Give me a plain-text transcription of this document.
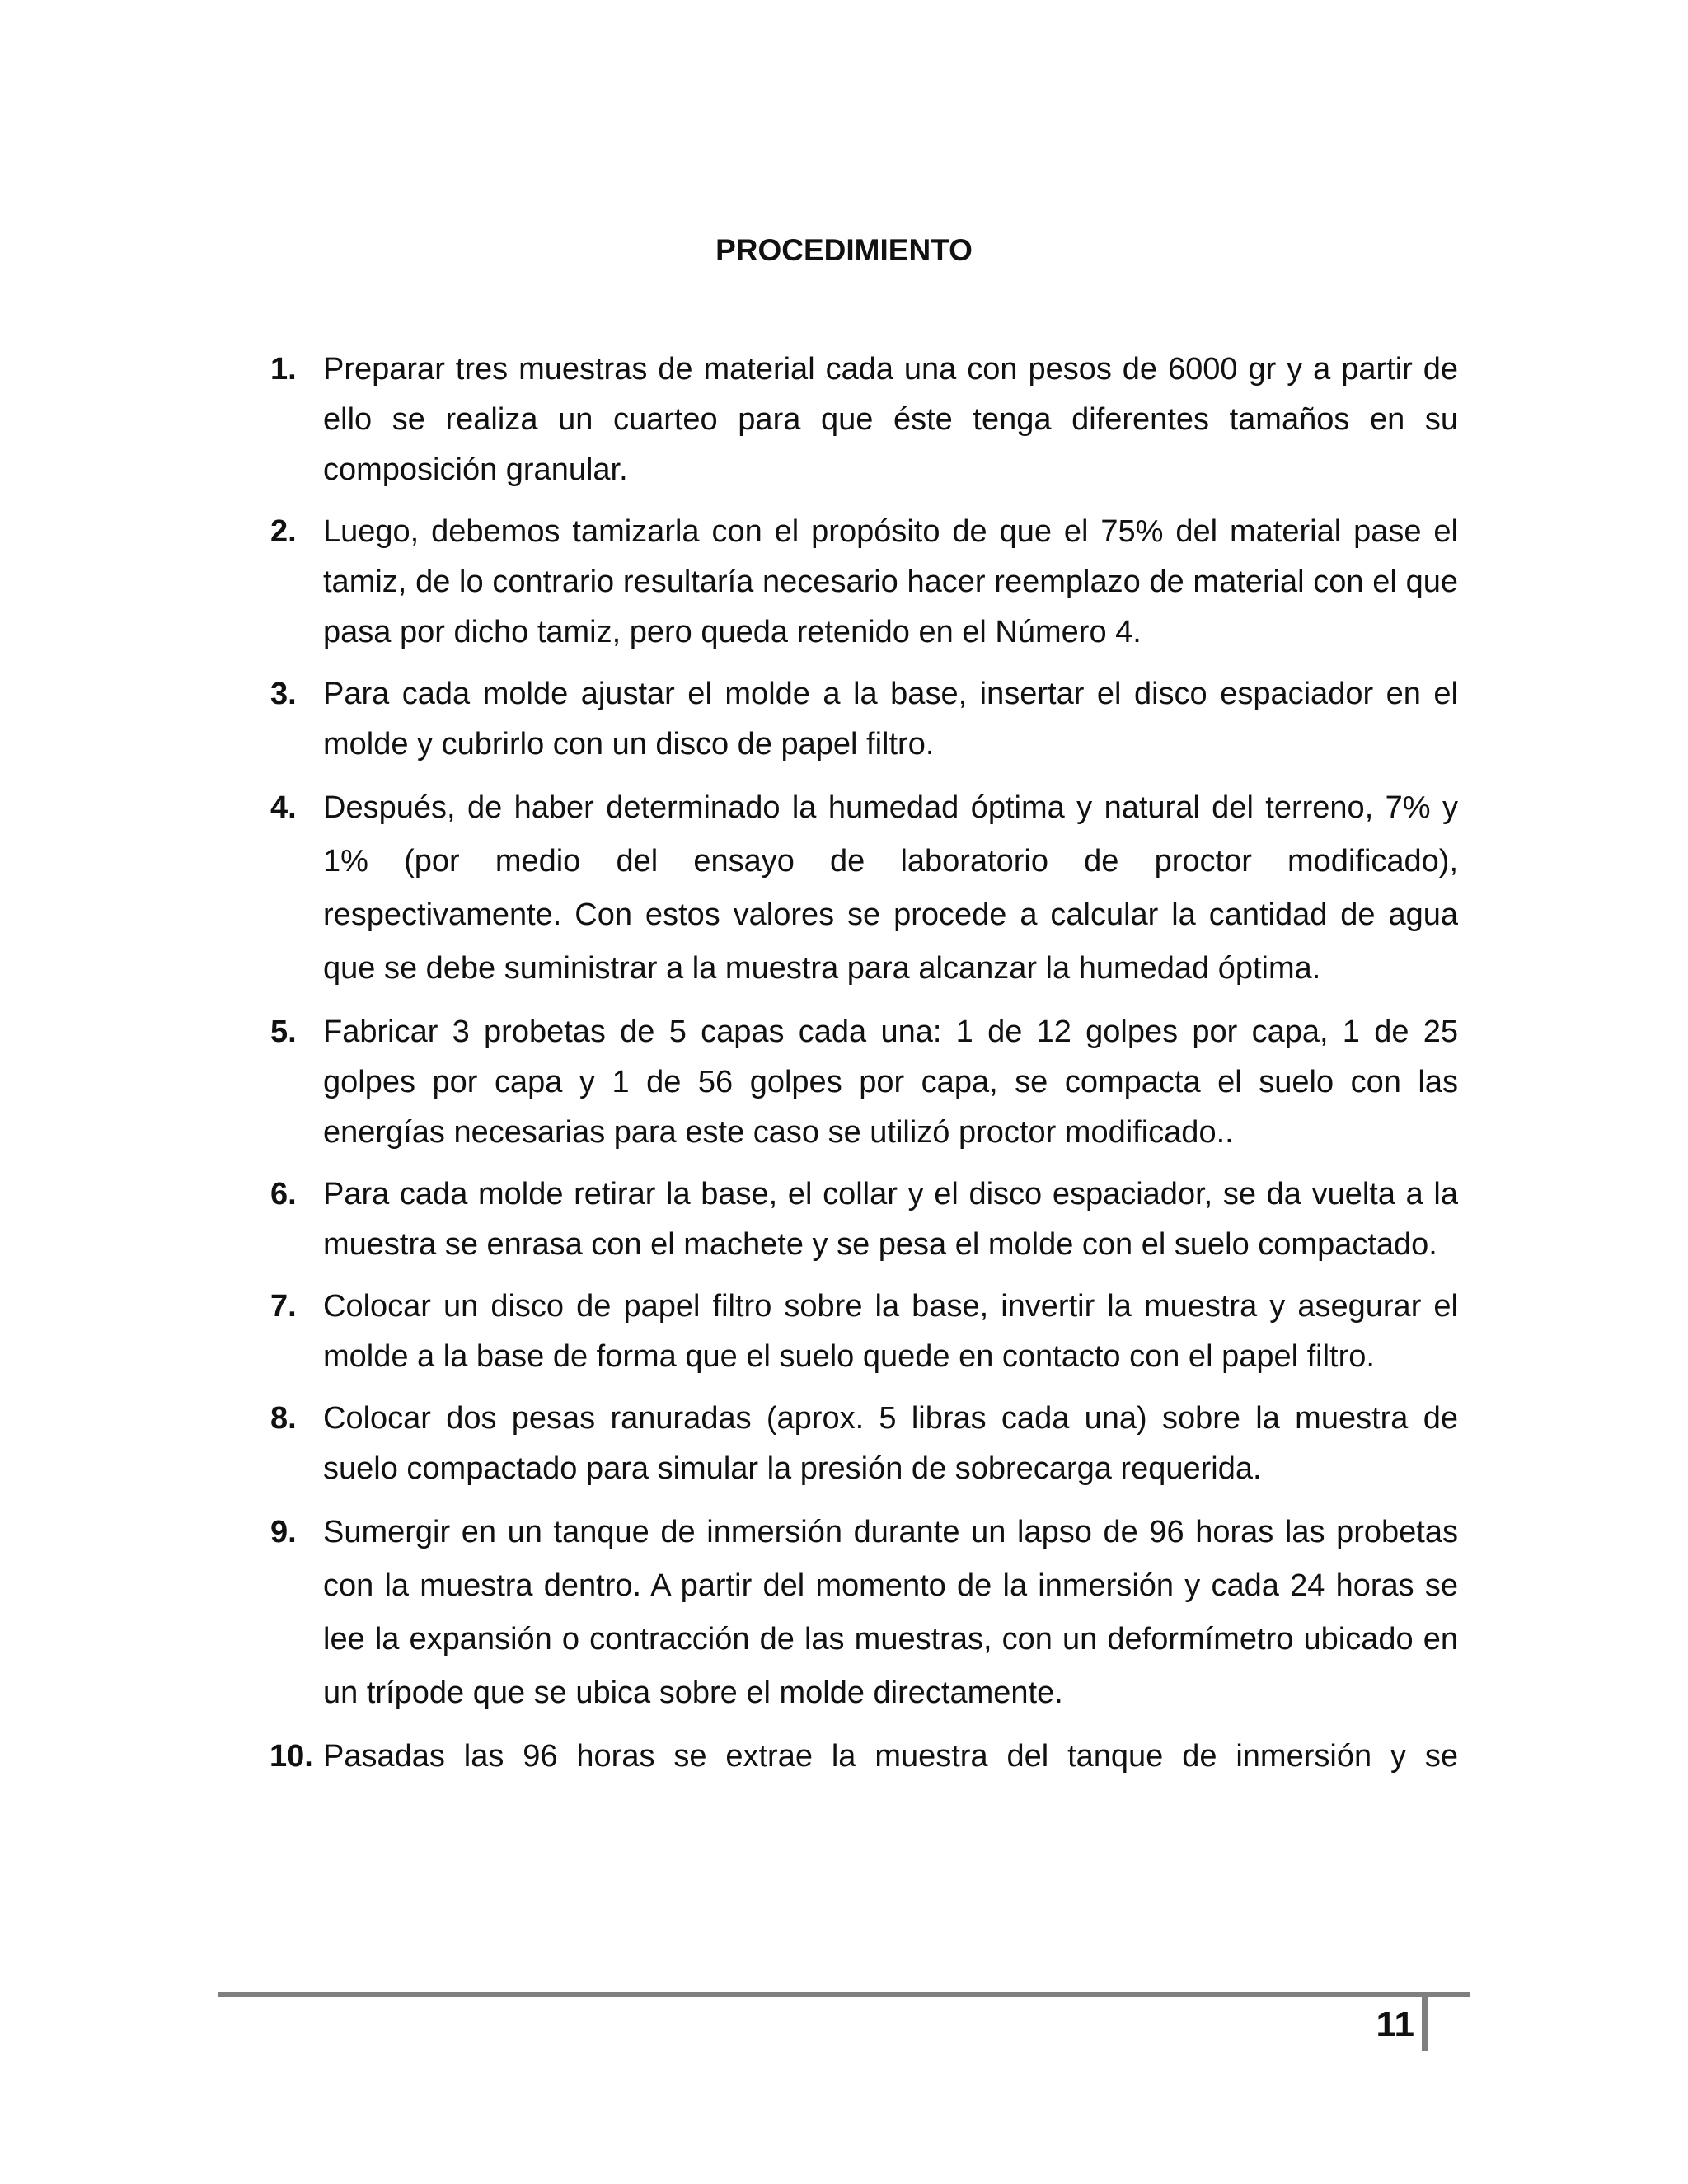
PROCEDIMIENTO
1. Preparar tres muestras de material cada una con pesos de 6000 gr y a partir de ello se realiza un cuarteo para que éste tenga diferentes tamaños en su composición granular.
2. Luego, debemos tamizarla con el propósito de que el 75% del material pase el tamiz, de lo contrario resultaría necesario hacer reemplazo de material con el que pasa por dicho tamiz, pero queda retenido en el Número 4.
3. Para cada molde ajustar el molde a la base, insertar el disco espaciador en el molde y cubrirlo con un disco de papel filtro.
4. Después, de haber determinado la humedad óptima y natural del terreno, 7% y 1% (por medio del ensayo de laboratorio de proctor modificado), respectivamente. Con estos valores se procede a calcular la cantidad de agua que se debe suministrar a la muestra para alcanzar la humedad óptima.
5. Fabricar 3 probetas de 5 capas cada una: 1 de 12 golpes por capa, 1 de 25 golpes por capa y 1 de 56 golpes por capa, se compacta el suelo con las energías necesarias para este caso se utilizó proctor modificado..
6. Para cada molde retirar la base, el collar y el disco espaciador, se da vuelta a la muestra se enrasa con el machete y se pesa el molde con el suelo compactado.
7. Colocar un disco de papel filtro sobre la base, invertir la muestra y asegurar el molde a la base de forma que el suelo quede en contacto con el papel filtro.
8. Colocar dos pesas ranuradas (aprox. 5 libras cada una) sobre la muestra de suelo compactado para simular la presión de sobrecarga requerida.
9. Sumergir en un tanque de inmersión durante un lapso de 96 horas las probetas con la muestra dentro. A partir del momento de la inmersión y cada 24 horas se lee la expansión o contracción de las muestras, con un deformímetro ubicado en un trípode que se ubica sobre el molde directamente.
10. Pasadas las 96 horas se extrae la muestra del tanque de inmersión y se
11
